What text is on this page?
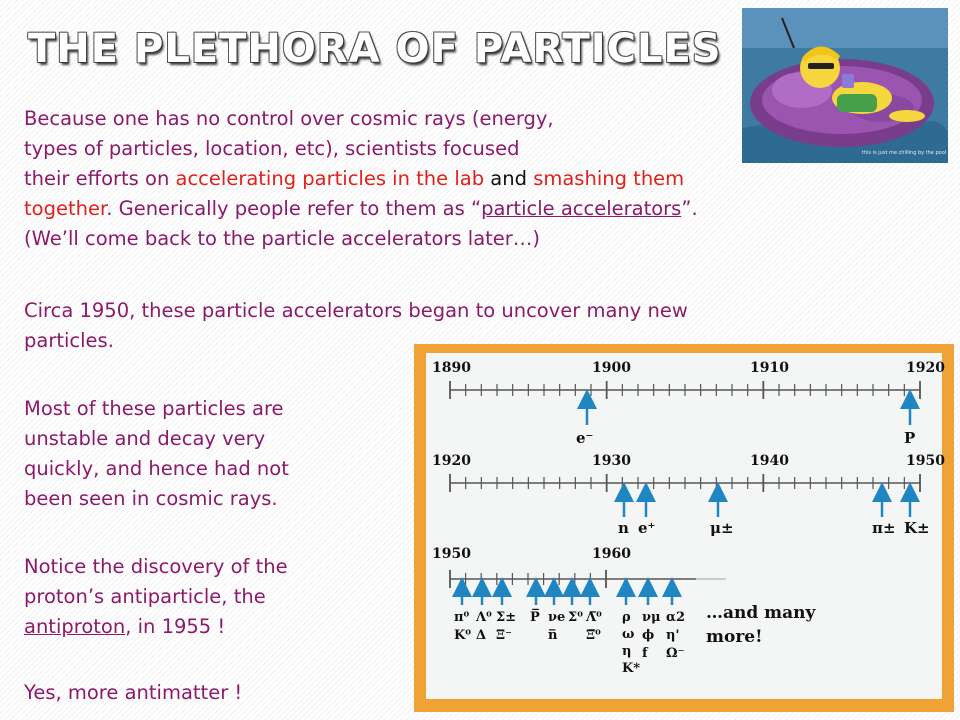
THE PLETHORA OF PARTICLES
this is just me chilling by the pool
Because one has no control over cosmic rays (energy,
types of particles, location, etc), scientists focused
their efforts on accelerating particles in the lab and smashing them
together. Generically people refer to them as “particle accelerators”.
(We’ll come back to the particle accelerators later…)
Circa 1950, these particle accelerators began to uncover many new
particles.
Most of these particles are
unstable and decay very
quickly, and hence had not
been seen in cosmic rays.
Notice the discovery of the
proton’s antiparticle, the
antiproton, in 1955 !
Yes, more antimatter !
1890	1900	1910	1920
1920	1930	1940	1950
1950	1960
e⁻	P
n e⁺	μ±	π± K±
π⁰
K⁰
Λ⁰
Δ
Σ±
Ξ⁻
P̅ νe
n̅
Σ⁰ Λ̅⁰
Ξ̅⁰
ρ
ω
η
K*
νμ
ϕ
f
α2
η'
Ω⁻
…and many
more!
